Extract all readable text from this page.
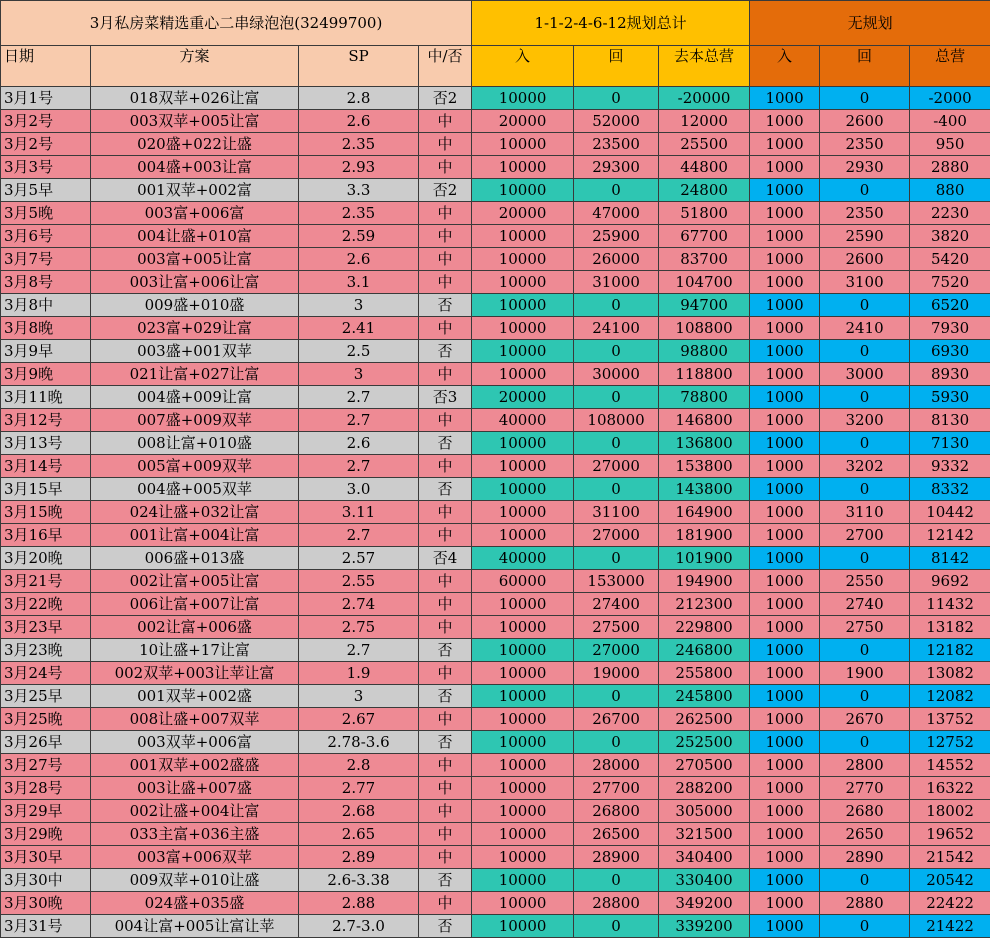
3月私房菜精选重心二串绿泡泡(32499700)				1-1-2-4-6-12规划总计			无规划		
日期	方案	SP	中/否	入	回	去本总营	入	回	总营
3月1号	018双苹+026让富	2.8	否2	10000	0	-20000	1000	0	-2000
3月2号	003双苹+005让富	2.6	中	20000	52000	12000	1000	2600	-400
3月2号	020盛+022让盛	2.35	中	10000	23500	25500	1000	2350	950
3月3号	004盛+003让富	2.93	中	10000	29300	44800	1000	2930	2880
3月5早	001双苹+002富	3.3	否2	10000	0	24800	1000	0	880
3月5晚	003富+006富	2.35	中	20000	47000	51800	1000	2350	2230
3月6号	004让盛+010富	2.59	中	10000	25900	67700	1000	2590	3820
3月7号	003富+005让富	2.6	中	10000	26000	83700	1000	2600	5420
3月8号	003让富+006让富	3.1	中	10000	31000	104700	1000	3100	7520
3月8中	009盛+010盛	3	否	10000	0	94700	1000	0	6520
3月8晚	023富+029让富	2.41	中	10000	24100	108800	1000	2410	7930
3月9早	003盛+001双苹	2.5	否	10000	0	98800	1000	0	6930
3月9晚	021让富+027让富	3	中	10000	30000	118800	1000	3000	8930
3月11晚	004盛+009让富	2.7	否3	20000	0	78800	1000	0	5930
3月12号	007盛+009双苹	2.7	中	40000	108000	146800	1000	3200	8130
3月13号	008让富+010盛	2.6	否	10000	0	136800	1000	0	7130
3月14号	005富+009双苹	2.7	中	10000	27000	153800	1000	3202	9332
3月15早	004盛+005双苹	3.0	否	10000	0	143800	1000	0	8332
3月15晚	024让盛+032让富	3.11	中	10000	31100	164900	1000	3110	10442
3月16早	001让富+004让富	2.7	中	10000	27000	181900	1000	2700	12142
3月20晚	006盛+013盛	2.57	否4	40000	0	101900	1000	0	8142
3月21号	002让富+005让富	2.55	中	60000	153000	194900	1000	2550	9692
3月22晚	006让富+007让富	2.74	中	10000	27400	212300	1000	2740	11432
3月23早	002让富+006盛	2.75	中	10000	27500	229800	1000	2750	13182
3月23晚	10让盛+17让富	2.7	否	10000	27000	246800	1000	0	12182
3月24号	002双苹+003让苹让富	1.9	中	10000	19000	255800	1000	1900	13082
3月25早	001双苹+002盛	3	否	10000	0	245800	1000	0	12082
3月25晚	008让盛+007双苹	2.67	中	10000	26700	262500	1000	2670	13752
3月26早	003双苹+006富	2.78-3.6	否	10000	0	252500	1000	0	12752
3月27号	001双苹+002盛盛	2.8	中	10000	28000	270500	1000	2800	14552
3月28号	003让盛+007盛	2.77	中	10000	27700	288200	1000	2770	16322
3月29早	002让盛+004让富	2.68	中	10000	26800	305000	1000	2680	18002
3月29晚	033主富+036主盛	2.65	中	10000	26500	321500	1000	2650	19652
3月30早	003富+006双苹	2.89	中	10000	28900	340400	1000	2890	21542
3月30中	009双苹+010让盛	2.6-3.38	否	10000	0	330400	1000	0	20542
3月30晚	024盛+035盛	2.88	中	10000	28800	349200	1000	2880	22422
3月31号	004让富+005让富让苹	2.7-3.0	否	10000	0	339200	1000	0	21422
